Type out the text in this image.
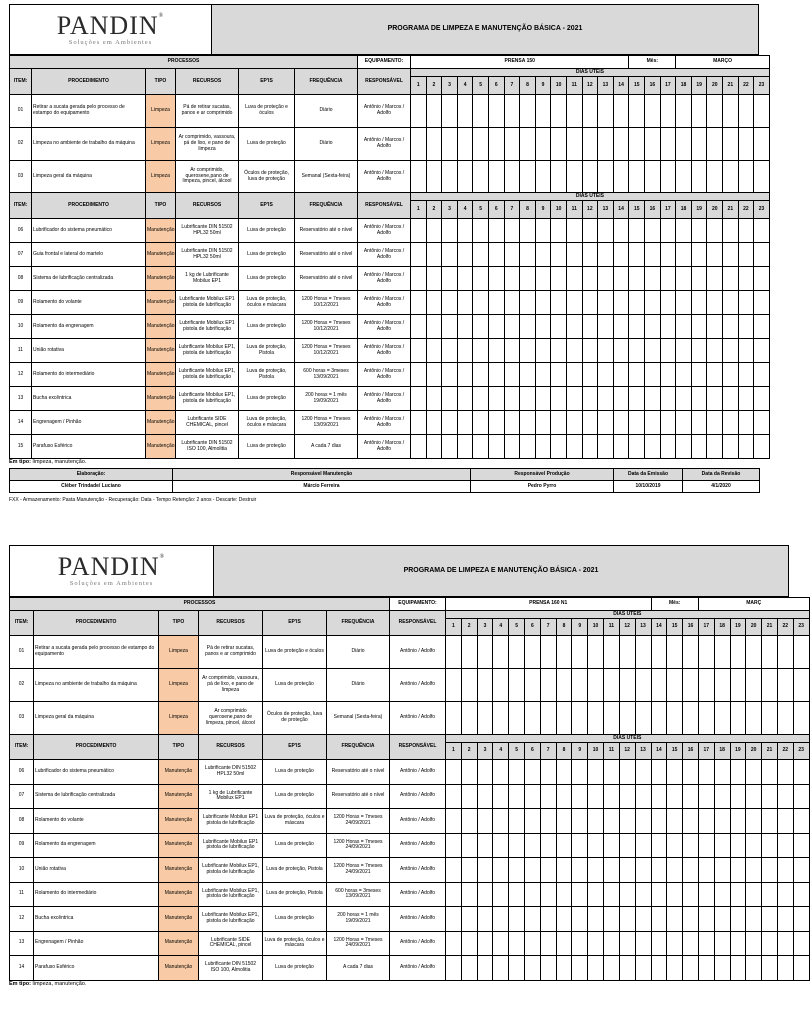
PANDIN®
Soluções em Ambientes
	PROGRAMA DE LIMPEZA E MANUTENÇÃO BÁSICA - 2021
PROCESSOS						EQUIPAMENTO:	PRENSA 150														Mês:			MARÇO					
ITEM:	PROCEDIMENTO	TIPO	RECURSOS	EP'IS	FREQUÊNCIA	RESPONSÁVEL	DIAS UTEIS																						
							1	2	3	4	5	6	7	8	9	10	11	12	13	14	15	16	17	18	19	20	21	22	23
01	Retirar a sucata gerada pelo processo de estampo do equipamento	Limpeza	Pá de retirar sucatas, panos e ar comprimido	Luva de proteção e óculos	Diário	Antônio / Marcos / Adolfo																							
02	Limpeza no ambiente de trabalho da máquina	Limpeza	Ar comprimido, vassoura, pá de lixo, e pano de limpeza	Luva de proteção	Diário	Antônio / Marcos / Adolfo																							
03	Limpeza geral da máquina	Limpeza	Ar comprimido, querosene,pano de limpeza, pincel, álcool	Óculos de proteção, luva de proteção	Semanal (Sexta-feira)	Antônio / Marcos / Adolfo																							
ITEM:	PROCEDIMENTO	TIPO	RECURSOS	EP'IS	FREQUÊNCIA	RESPONSÁVEL	DIAS UTEIS																						
							1	2	3	4	5	6	7	8	9	10	11	12	13	14	15	16	17	18	19	20	21	22	23
06	Lubrificador do sistema pneumático	Manutenção	Lubrificante DIN 51502 HPL32 50ml	Luva de proteção	Reservatório até o nível	Antônio / Marcos / Adolfo																							
07	Guia frontal e lateral do martelo	Manutenção	Lubrificante DIN 51502 HPL32 50ml	Luva de proteção	Reservatório até o nível	Antônio / Marcos / Adolfo																							
08	Sistema de lubrificação centralizada	Manutenção	1 kg de Lubrificante Mobilux EP1	Luva de proteção	Reservatório até o nível	Antônio / Marcos / Adolfo																							
09	Rolamento do volante	Manutenção	Lubrificante Mobilux EP1 pistola de lubrificação	Luva de proteção, óculos e máscara	1200 Horas = 7meses 10/12/2021	Antônio / Marcos / Adolfo																							
10	Rolamento da engrenagem	Manutenção	Lubrificante Mobilux EP1 pistola de lubrificação	Luva de proteção	1200 Horas = 7meses 10/12/2021	Antônio / Marcos / Adolfo																							
11	União rotativa	Manutenção	Lubrificante Mobilux EP1, pistola de lubrificação	Luva de proteção, Pistola	1200 Horas = 7meses 10/12/2021	Antônio / Marcos / Adolfo																							
12	Rolamento do intermediário	Manutenção	Lubrificante Mobilux EP1, pistola de lubrificação	Luva de proteção, Pistola	600 horas = 3meses 13/09/2021	Antônio / Marcos / Adolfo																							
13	Bucha excêntrica	Manutenção	Lubrificante Mobilux EP1, pistola de lubrificação	Luva de proteção	200 horas = 1 mês 19/09/2021	Antônio / Marcos / Adolfo																							
14	Engrenagem / Pinhão	Manutenção	Lubrificante SIDE CHEMICAL, pincel	Luva de proteção, óculos e máscara	1200 Horas = 7meses 13/09/2021	Antônio / Marcos / Adolfo																							
15	Parafuso Esférico	Manutenção	Lubrificante DIN 51502 ISO 100, Almolitia	Luva de proteção	A cada 7 dias	Antônio / Marcos / Adolfo																							
Em tipo: limpeza, manutenção.
Elaboração:	Responsável Manutenção	Responsável Produção	Data da Emissão	Data da Revisão
Cléber Trindade/ Luciano	Márcio Ferreira	Pedro Pyrro	10/10/2019	4/1/2020
FXX - Armazenamento: Pasta Manutenção - Recuperação: Data - Tempo Retenção: 2 anos - Descarte: Destruir
PANDIN®
Soluções em Ambientes
	PROGRAMA DE LIMPEZA E MANUTENÇÃO BÁSICA - 2021
PROCESSOS						EQUIPAMENTO:	PRENSA 160 N1													Mês:			MARÇ						
ITEM:	PROCEDIMENTO	TIPO	RECURSOS	EP'IS	FREQUÊNCIA	RESPONSÁVEL	DIAS UTEIS																						
							1	2	3	4	5	6	7	8	9	10	11	12	13	14	15	16	17	18	19	20	21	22	23
01	Retirar a sucata gerada pelo processo de estampo do equipamento	Limpeza	Pá de retirar sucatas, panos e ar comprimido	Luva de proteção e óculos	Diário	Antônio / Adolfo																							
02	Limpeza no ambiente de trabalho da máquina	Limpeza	Ar comprimido, vassoura, pá de lixo, e pano de limpeza	Luva de proteção	Diário	Antônio / Adolfo																							
03	Limpeza geral da máquina	Limpeza	Ar comprimido querosene,pano de limpeza, pincel, álcool	Óculos de proteção, luva de proteção	Semanal (Sexta-feira)	Antônio / Adolfo																							
ITEM:	PROCEDIMENTO	TIPO	RECURSOS	EP'IS	FREQUÊNCIA	RESPONSÁVEL	DIAS UTEIS																						
							1	2	3	4	5	6	7	8	9	10	11	12	13	14	15	16	17	18	19	20	21	22	23
06	Lubrificador do sistema pneumático	Manutenção	Lubrificante DIN 51502 HPL32 50ml	Luva de proteção	Reservatório até o nível	Antônio / Adolfo																							
07	Sistema de lubrificação centralizada	Manutenção	1 kg de Lubrificante Mobilux EP1	Luva de proteção	Reservatório até o nível	Antônio / Adolfo																							
08	Rolamento do volante	Manutenção	Lubrificante Mobilux EP1 pistola de lubrificação	Luva de proteção, óculos e máscara	1200 Horas = 7meses 24/09/2021	Antônio / Adolfo																							
09	Rolamento da engrenagem	Manutenção	Lubrificante Mobilux EP1 pistola de lubrificação	Luva de proteção	1200 Horas = 7meses 24/09/2021	Antônio / Adolfo																							
10	União rotativa	Manutenção	Lubrificante Mobilux EP1, pistola de lubrificação	Luva de proteção, Pistola	1200 Horas = 7meses 24/09/2021	Antônio / Adolfo																							
11	Rolamento do intermediário	Manutenção	Lubrificante Mobilux EP1, pistola de lubrificação	Luva de proteção, Pistola	600 horas = 3meses 13/09/2021	Antônio / Adolfo																							
12	Bucha excêntrica	Manutenção	Lubrificante Mobilux EP1, pistola de lubrificação	Luva de proteção	200 horas = 1 mês 19/09/2021	Antônio / Adolfo																							
13	Engrenagem / Pinhão	Manutenção	Lubrificante SIDE CHEMICAL, pincel	Luva de proteção, óculos e máscara	1200 Horas = 7meses 24/09/2021	Antônio / Adolfo																							
14	Parafuso Esférico	Manutenção	Lubrificante DIN 51502 ISO 100, Almolitia	Luva de proteção	A cada 7 dias	Antônio / Adolfo																							
Em tipo: limpeza, manutenção.
